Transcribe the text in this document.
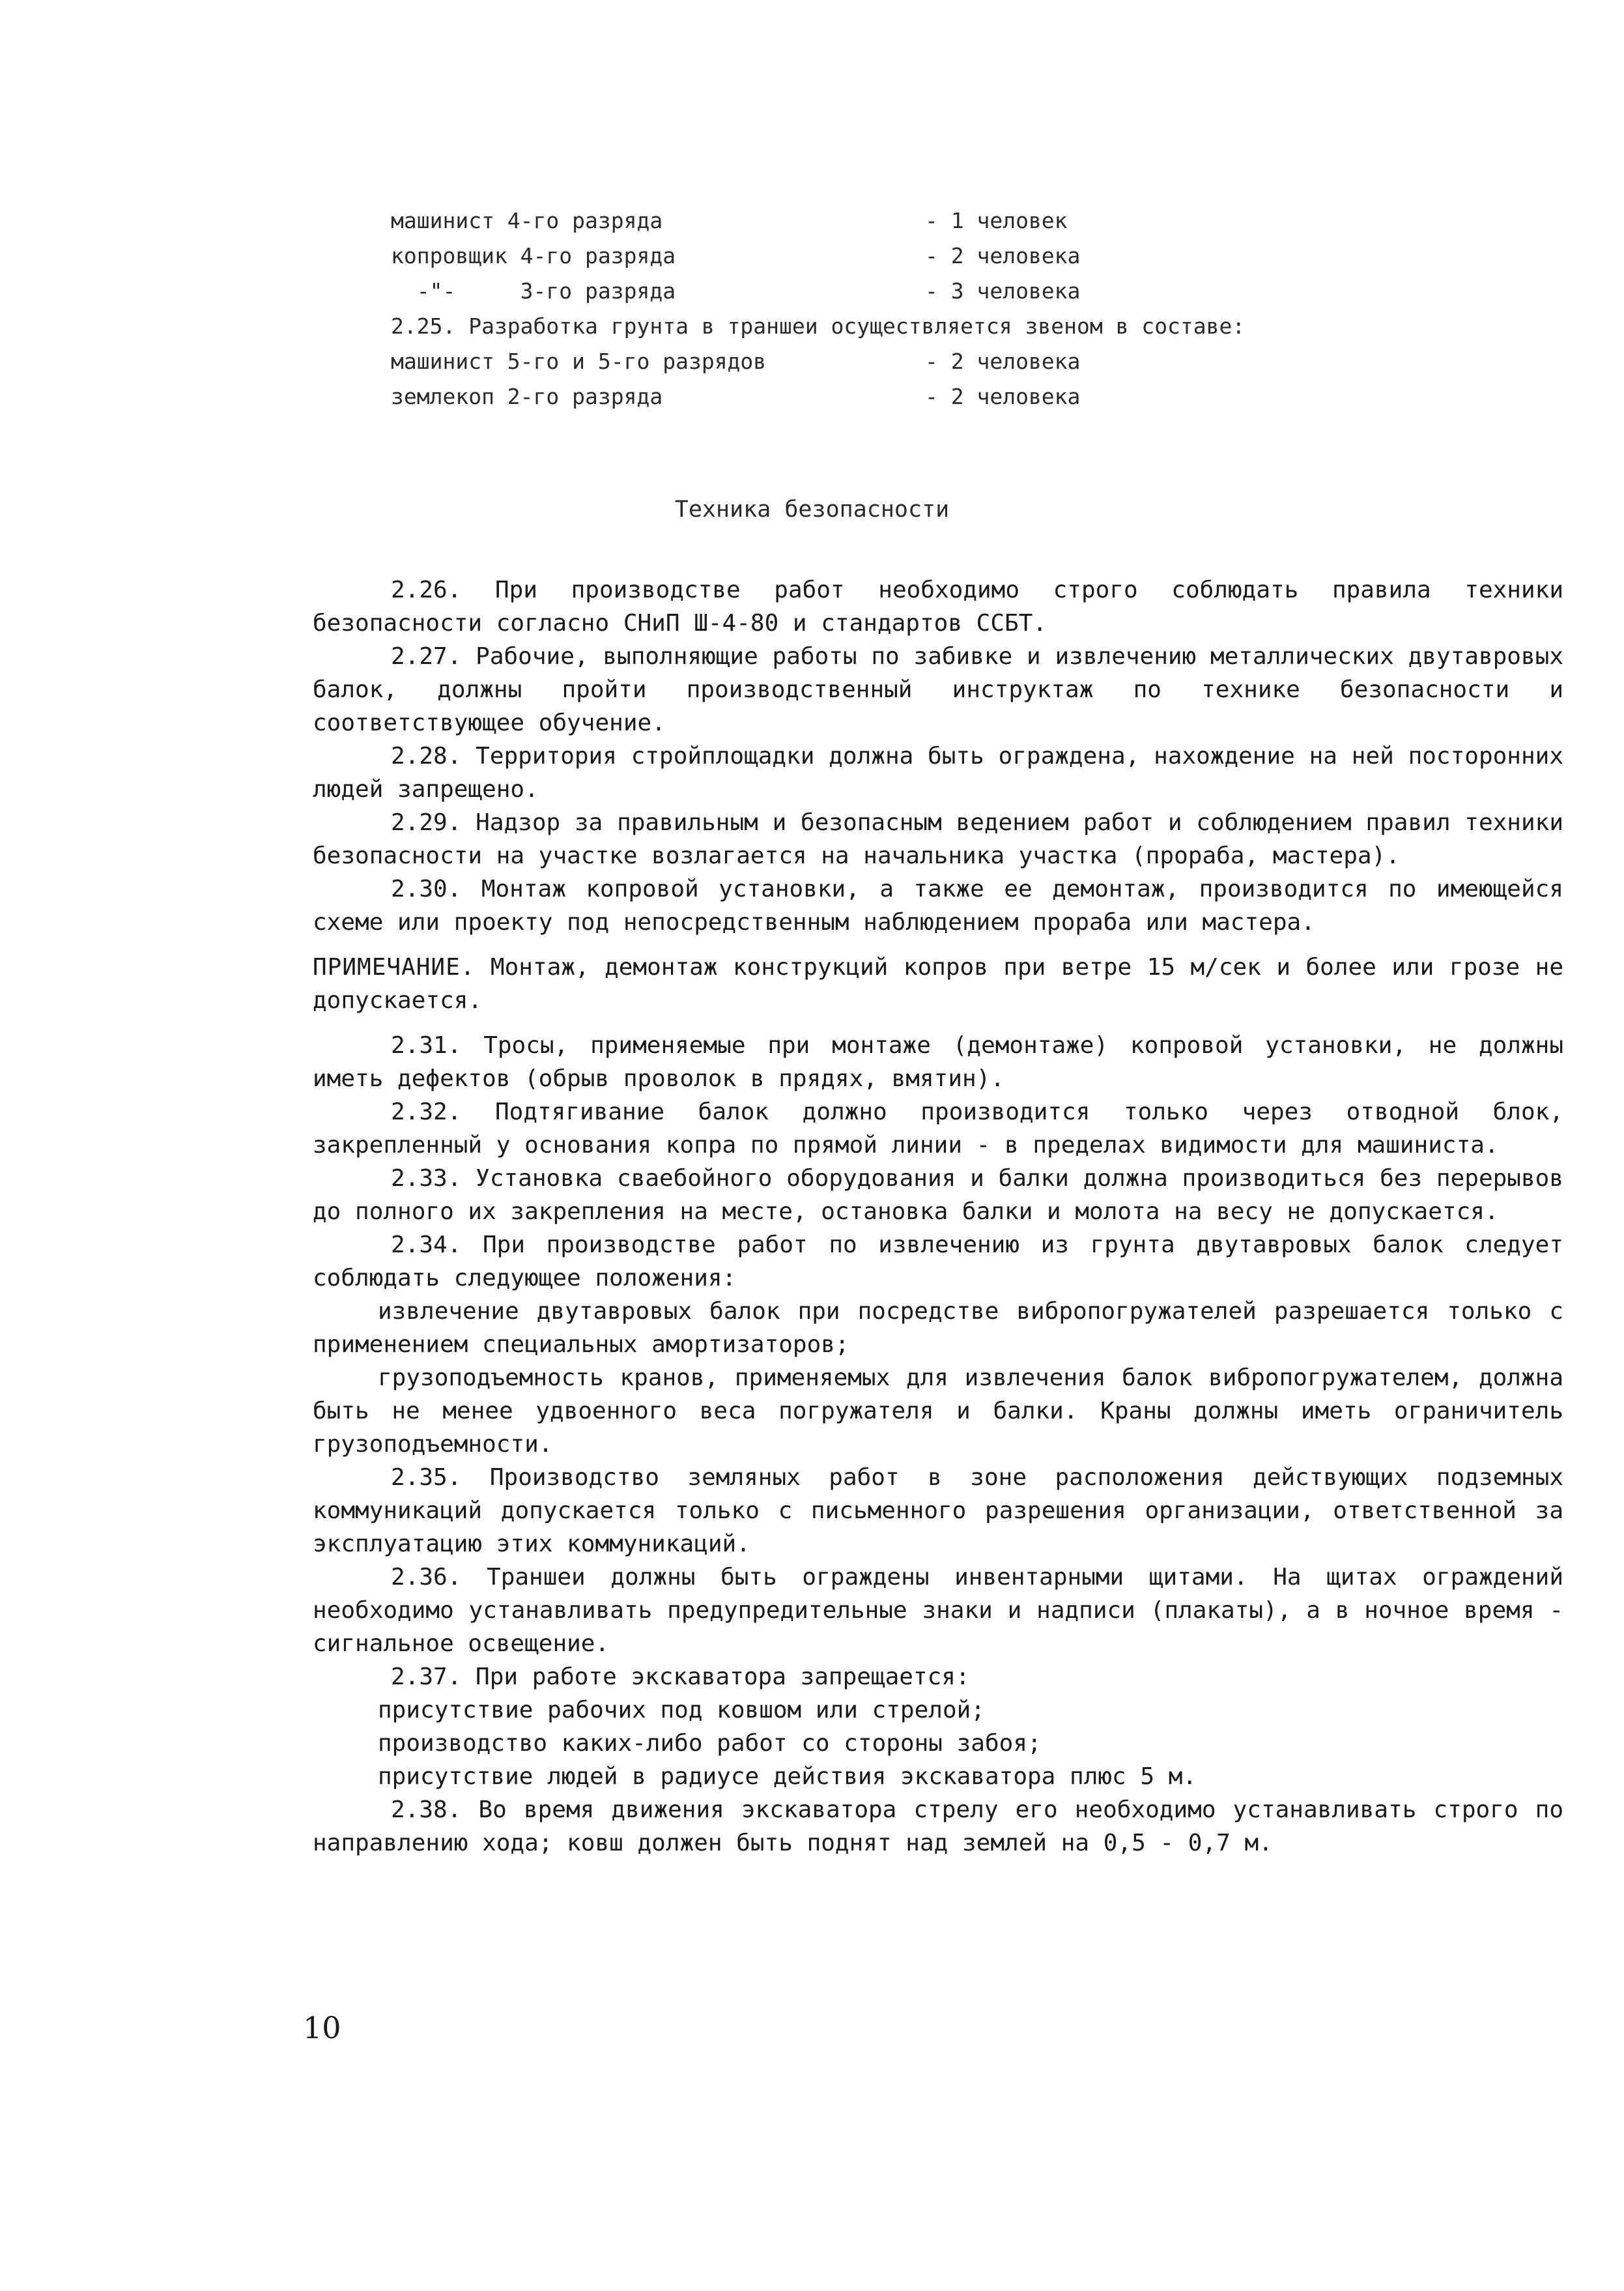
машинист 4-го разряда	- 1 человек
копровщик 4-го разряда	- 2 человека
-"-     3-го разряда	- 3 человека
2.25. Разработка грунта в траншеи осуществляется звеном в составе:
машинист 5-го и 5-го разрядов	- 2 человека
землекоп 2-го разряда	- 2 человека
Техника безопасности

2.26. При производстве работ необходимо строго соблюдать правила техники безопасности согласно СНиП Ш-4-80 и стандартов ССБТ.

2.27. Рабочие, выполняющие работы по забивке и извлечению металлических двутавровых балок, должны пройти производственный инструктаж по технике безопасности и соответствующее обучение.

2.28. Территория стройплощадки должна быть ограждена, нахождение на ней посторонних людей запрещено.

2.29. Надзор за правильным и безопасным ведением работ и соблюдением правил техники безопасности на участке возлагается на начальника участка (прораба, мастера).

2.30. Монтаж копровой установки, а также ее демонтаж, производится по имеющейся схеме или проекту под непосредственным наблюдением прораба или мастера.

ПРИМЕЧАНИЕ. Монтаж, демонтаж конструкций копров при ветре 15 м/сек и более или грозе не допускается.

2.31. Тросы, применяемые при монтаже (демонтаже) копровой установки, не должны иметь дефектов (обрыв проволок в прядях, вмятин).

2.32. Подтягивание балок должно производится только через отводной блок, закрепленный у основания копра по прямой линии - в пределах видимости для машиниста.

2.33. Установка сваебойного оборудования и балки должна производиться без перерывов до полного их закрепления на месте, остановка балки и молота на весу не допускается.

2.34. При производстве работ по извлечению из грунта двутавровых балок следует соблюдать следующее положения:

извлечение двутавровых балок при посредстве вибропогружателей разрешается только с применением специальных амортизаторов;

грузоподъемность кранов, применяемых для извлечения балок вибропогружателем, должна быть не менее удвоенного веса погружателя и балки. Краны должны иметь ограничитель грузоподъемности.

2.35. Производство земляных работ в зоне расположения действующих подземных коммуникаций допускается только с письменного разрешения организации, ответственной за эксплуатацию этих коммуникаций.

2.36. Траншеи должны быть ограждены инвентарными щитами. На щитах ограждений необходимо устанавливать предупредительные знаки и надписи (плакаты), а в ночное время - сигнальное освещение.

2.37. При работе экскаватора запрещается:

присутствие рабочих под ковшом или стрелой;

производство каких-либо работ со стороны забоя;

присутствие людей в радиусе действия экскаватора плюс 5 м.

2.38. Во время движения экскаватора стрелу его необходимо устанавливать строго по направлению хода; ковш должен быть поднят над землей на 0,5 - 0,7 м.

10
